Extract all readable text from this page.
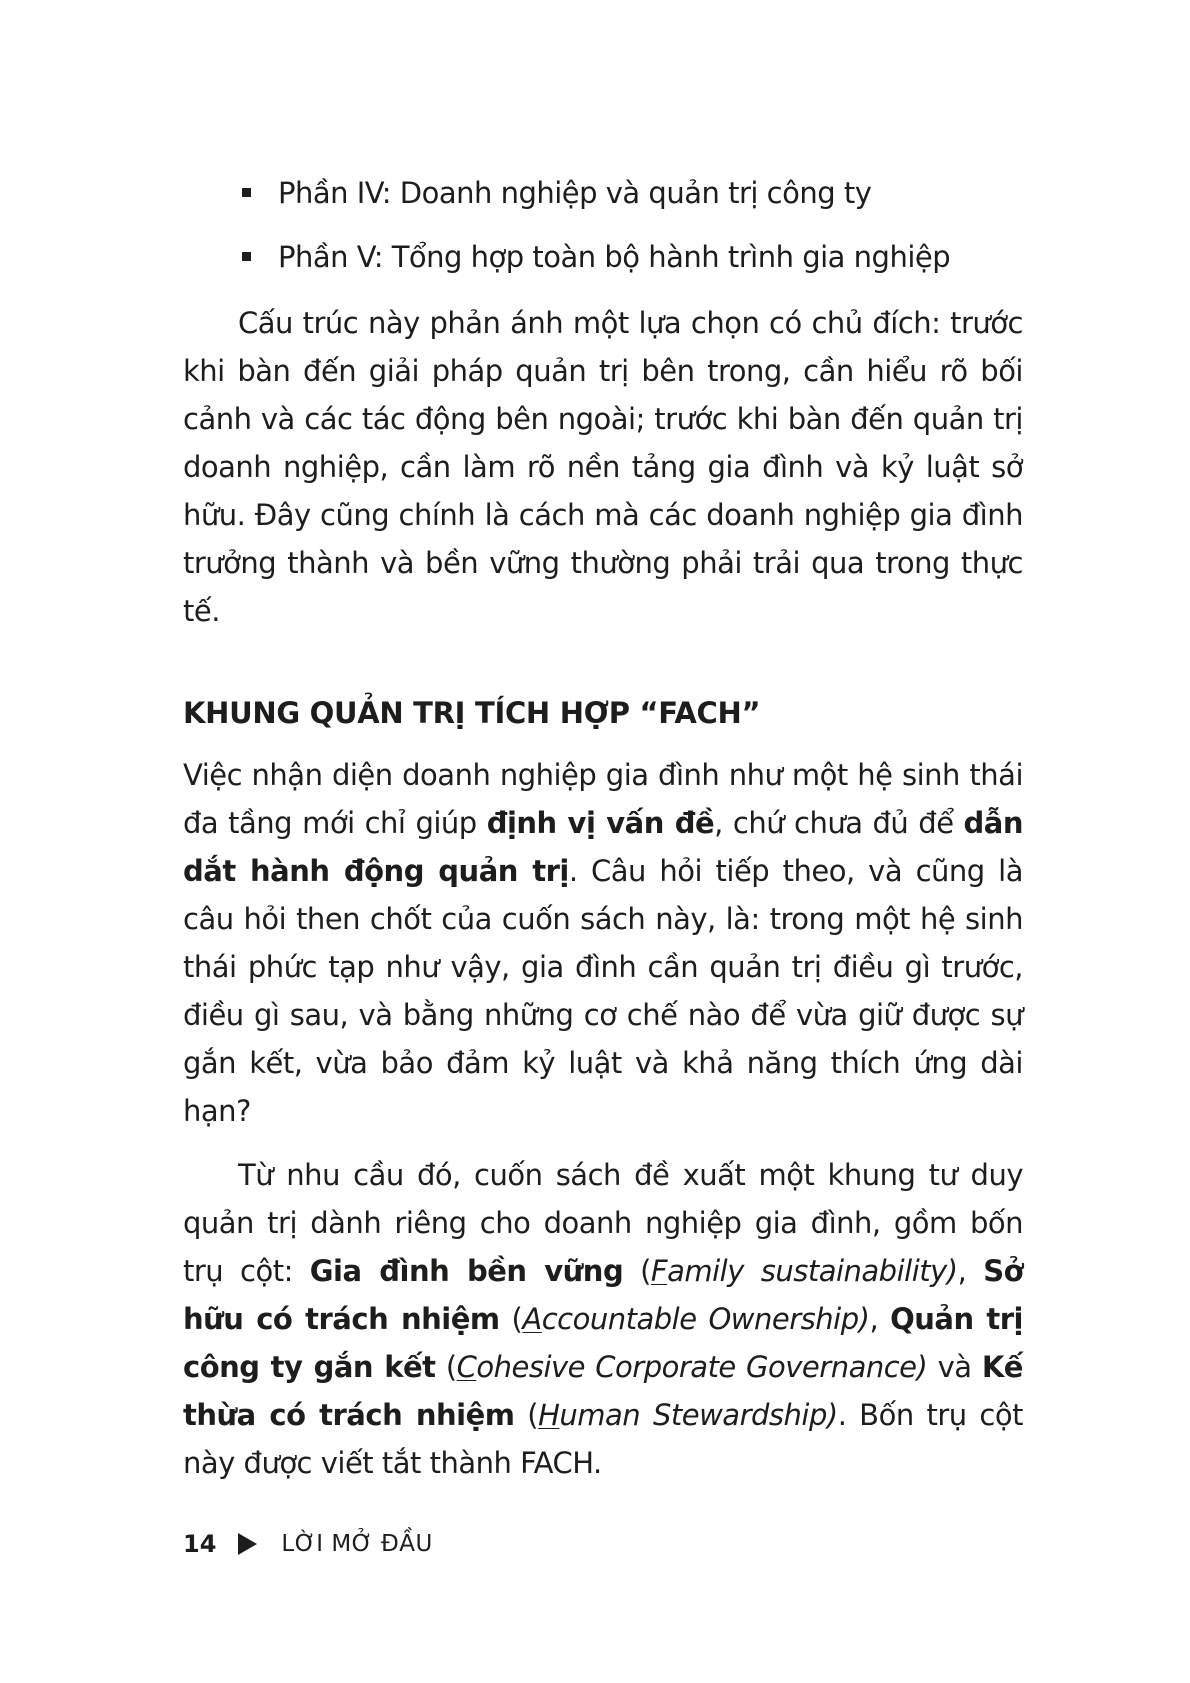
Phần IV: Doanh nghiệp và quản trị công ty
Phần V: Tổng hợp toàn bộ hành trình gia nghiệp

Cấu trúc này phản ánh một lựa chọn có chủ đích: trước khi bàn đến giải pháp quản trị bên trong, cần hiểu rõ bối cảnh và các tác động bên ngoài; trước khi bàn đến quản trị doanh nghiệp, cần làm rõ nền tảng gia đình và kỷ luật sở hữu. Đây cũng chính là cách mà các doanh nghiệp gia đình trưởng thành và bền vững thường phải trải qua trong thực tế.

KHUNG QUẢN TRỊ TÍCH HỢP “FACH”

Việc nhận diện doanh nghiệp gia đình như một hệ sinh thái đa tầng mới chỉ giúp định vị vấn đề, chứ chưa đủ để dẫn dắt hành động quản trị. Câu hỏi tiếp theo, và cũng là câu hỏi then chốt của cuốn sách này, là: trong một hệ sinh thái phức tạp như vậy, gia đình cần quản trị điều gì trước, điều gì sau, và bằng những cơ chế nào để vừa giữ được sự gắn kết, vừa bảo đảm kỷ luật và khả năng thích ứng dài hạn?

Từ nhu cầu đó, cuốn sách đề xuất một khung tư duy quản trị dành riêng cho doanh nghiệp gia đình, gồm bốn trụ cột: Gia đình bền vững (Family sustainability), Sở hữu có trách nhiệm (Accountable Ownership), Quản trị công ty gắn kết (Cohesive Corporate Governance) và Kế thừa có trách nhiệm (Human Stewardship). Bốn trụ cột này được viết tắt thành FACH.

14	LỜI MỞ ĐẦU
